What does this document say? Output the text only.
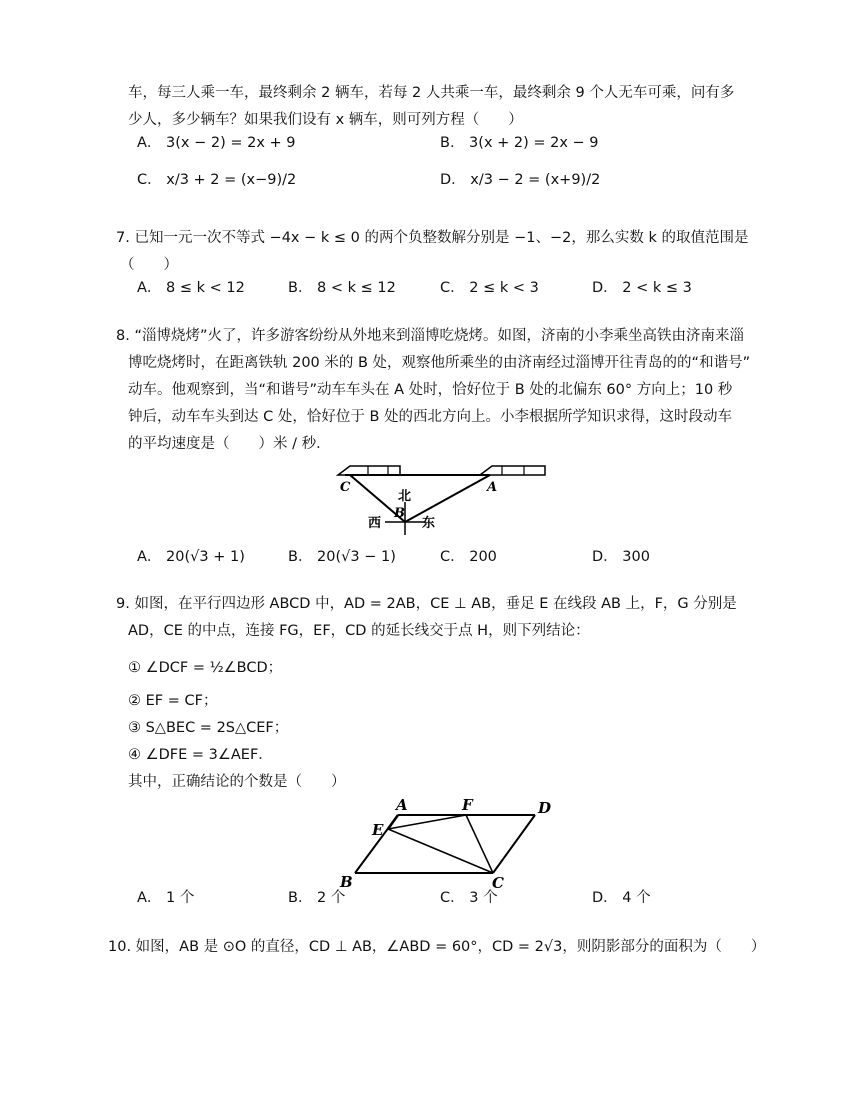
车，每三人乘一车，最终剩余 2 辆车，若每 2 人共乘一车，最终剩余 9 个人无车可乘，问有多
少人，多少辆车？如果我们设有 x 辆车，则可列方程（　　）
A． 3(x − 2) = 2x + 9	B． 3(x + 2) = 2x − 9
C． x/3 + 2 = (x−9)/2	D． x/3 − 2 = (x+9)/2
7. 已知一元一次不等式 −4x − k ≤ 0 的两个负整数解分别是 −1、−2，那么实数 k 的取值范围是
（　　）
A． 8 ≤ k < 12	B． 8 < k ≤ 12	C． 2 ≤ k < 3	D． 2 < k ≤ 3
8. “淄博烧烤”火了，许多游客纷纷从外地来到淄博吃烧烤。如图，济南的小李乘坐高铁由济南来淄
博吃烧烤时，在距离铁轨 200 米的 B 处，观察他所乘坐的由济南经过淄博开往青岛的的“和谐号”
动车。他观察到，当“和谐号”动车车头在 A 处时，恰好位于 B 处的北偏东 60° 方向上；10 秒
钟后，动车车头到达 C 处，恰好位于 B 处的西北方向上。小李根据所学知识求得，这时段动车
的平均速度是（　　）米 / 秒．
C	A
北
B
西	东
A． 20(√3 + 1)	B． 20(√3 − 1)	C． 200	D． 300
9. 如图，在平行四边形 ABCD 中，AD = 2AB，CE ⊥ AB，垂足 E 在线段 AB 上，F，G 分别是
AD，CE 的中点，连接 FG，EF，CD 的延长线交于点 H，则下列结论：
① ∠DCF = ½∠BCD；
② EF = CF；
③ S△BEC = 2S△CEF；
④ ∠DFE = 3∠AEF．
其中，正确结论的个数是（　　）
A	F	D
E
B	C
A． 1 个	B． 2 个	C． 3 个	D． 4 个
10. 如图，AB 是 ⊙O 的直径，CD ⊥ AB，∠ABD = 60°，CD = 2√3，则阴影部分的面积为（　　）
